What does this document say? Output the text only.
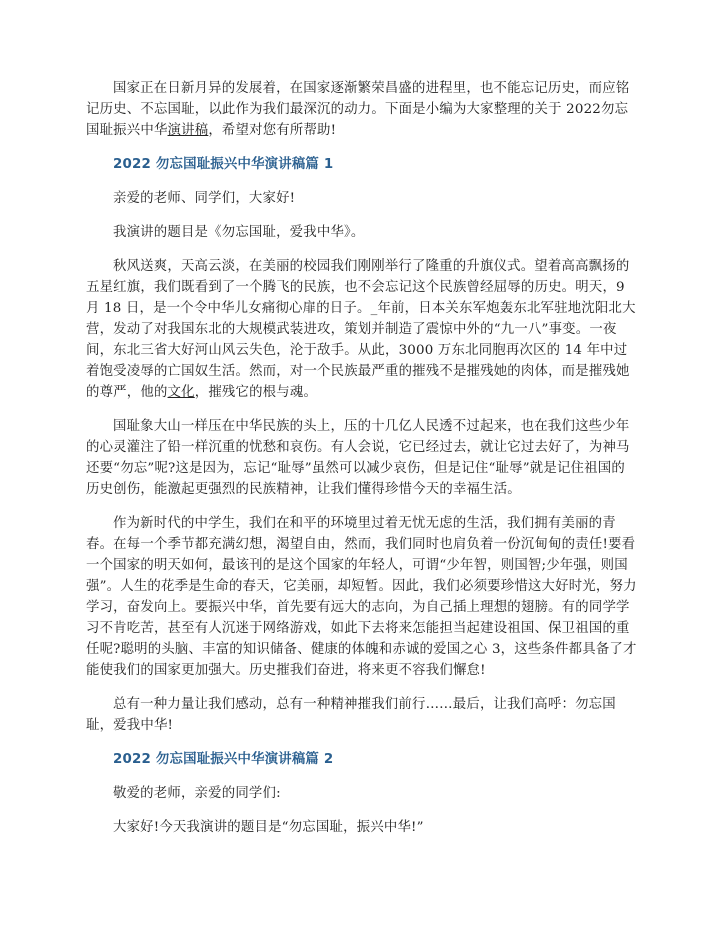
国家正在日新月异的发展着，在国家逐渐繁荣昌盛的进程里，也不能忘记历史，而应铭记历史、不忘国耻，以此作为我们最深沉的动力。下面是小编为大家整理的关于 2022勿忘国耻振兴中华演讲稿，希望对您有所帮助!

2022 勿忘国耻振兴中华演讲稿篇 1

亲爱的老师、同学们，大家好!

我演讲的题目是《勿忘国耻，爱我中华》。

秋风送爽，天高云淡，在美丽的校园我们刚刚举行了隆重的升旗仪式。望着高高飘扬的五星红旗，我们既看到了一个腾飞的民族，也不会忘记这个民族曾经屈辱的历史。明天，9 月 18 日，是一个令中华儿女痛彻心扉的日子。_年前，日本关东军炮轰东北军驻地沈阳北大营，发动了对我国东北的大规模武装进攻，策划并制造了震惊中外的“九一八”事变。一夜间，东北三省大好河山风云失色，沦于敌手。从此，3000 万东北同胞再次区的 14 年中过着饱受凌辱的亡国奴生活。然而，对一个民族最严重的摧残不是摧残她的肉体，而是摧残她的尊严，他的文化，摧残它的根与魂。

国耻象大山一样压在中华民族的头上，压的十几亿人民透不过起来，也在我们这些少年的心灵灌注了铅一样沉重的忧愁和哀伤。有人会说，它已经过去，就让它过去好了，为神马还要“勿忘”呢?这是因为，忘记“耻辱”虽然可以减少哀伤，但是记住“耻辱”就是记住祖国的历史创伤，能激起更强烈的民族精神，让我们懂得珍惜今天的幸福生活。

作为新时代的中学生，我们在和平的环境里过着无忧无虑的生活，我们拥有美丽的青春。在每一个季节都充满幻想，渴望自由，然而，我们同时也肩负着一份沉甸甸的责任!要看一个国家的明天如何，最该刊的是这个国家的年轻人，可谓“少年智，则国智;少年强，则国强”。人生的花季是生命的春天，它美丽，却短暂。因此，我们必须要珍惜这大好时光，努力学习，奋发向上。要振兴中华，首先要有远大的志向，为自己插上理想的翅膀。有的同学学习不肯吃苦，甚至有人沉迷于网络游戏，如此下去将来怎能担当起建设祖国、保卫祖国的重任呢?聪明的头脑、丰富的知识储备、健康的体魄和赤诚的爱国之心 3，这些条件都具备了才能使我们的国家更加强大。历史摧我们奋进，将来更不容我们懈怠!

总有一种力量让我们感动，总有一种精神摧我们前行……最后，让我们高呼：勿忘国耻，爱我中华!

2022 勿忘国耻振兴中华演讲稿篇 2

敬爱的老师，亲爱的同学们:

大家好!今天我演讲的题目是“勿忘国耻，振兴中华!”
